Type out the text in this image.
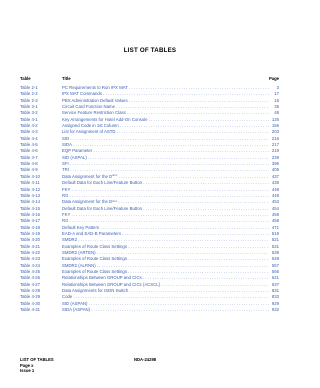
LIST OF TABLES
Table	Title	Page
Table 2-1	PC Requirements to Run IPX MAT . . .	3
Table 2-2	IPX MAT Commands . . .	17
Table 2-3	PBX Administration Default Values . . .	18
Table 3-1	Circuit Card Function Name . . .	35
Table 3-2	Service Feature Restriction Class . . .	48
Table 4-1	Key Arrangements for Hotel Add-On Console . . .	125
Table 4-2	Assigned Code in 1st Column . . .	156
Table 4-3	List for Assignment of ASTD . . .	203
Table 4-4	SID . . .	216
Table 4-5	SIDA . . .	217
Table 4-6	EQP Parameter . . .	219
Table 4-7	SID (ASPAL) . . .	239
Table 4-8	SFI . . .	396
Table 4-9	TRI . . .	405
Table 4-10	Data Assignment for the $D^{term}$ . . .	437
Table 4-11	Default Data for Each Line/Feature Button . . .	438
Table 4-12	FKY . . .	448
Table 4-13	RG . . .	449
Table 4-14	Data Assignment for the $D^{term}$ . . .	453
Table 4-15	Default Data for Each Line/Feature Button . . .	454
Table 4-16	FKY . . .	459
Table 4-17	RG . . .	459
Table 4-18	Default Key Pattern . . .	471
Table 4-19	EAD-A and EAD-B Parameters . . .	519
Table 4-20	SMDR2 . . .	521
Table 4-21	Examples of Route Class Settings . . .	531
Table 4-22	SMDR2 (ARTEN) . . .	539
Table 4-23	Examples of Route Class Settings . . .	549
Table 4-24	SMDR2 (ALRNN) . . .	557
Table 4-25	Examples of Route Class Settings . . .	566
Table 4-26	Relationships Between GROUP and CICs . . .	621
Table 4-27	Relationships Between GROUP and CICs (ACSCL) . . .	637
Table 4-28	Data Assignments for ISDN Switch . . .	831
Table 4-29	Code . . .	833
Table 4-30	SID (ASPAN) . . .	929
Table 4-31	SIDA (ASPAN) . . .	932
LIST OF TABLES	NDA-24298
Page x
Issue 1
